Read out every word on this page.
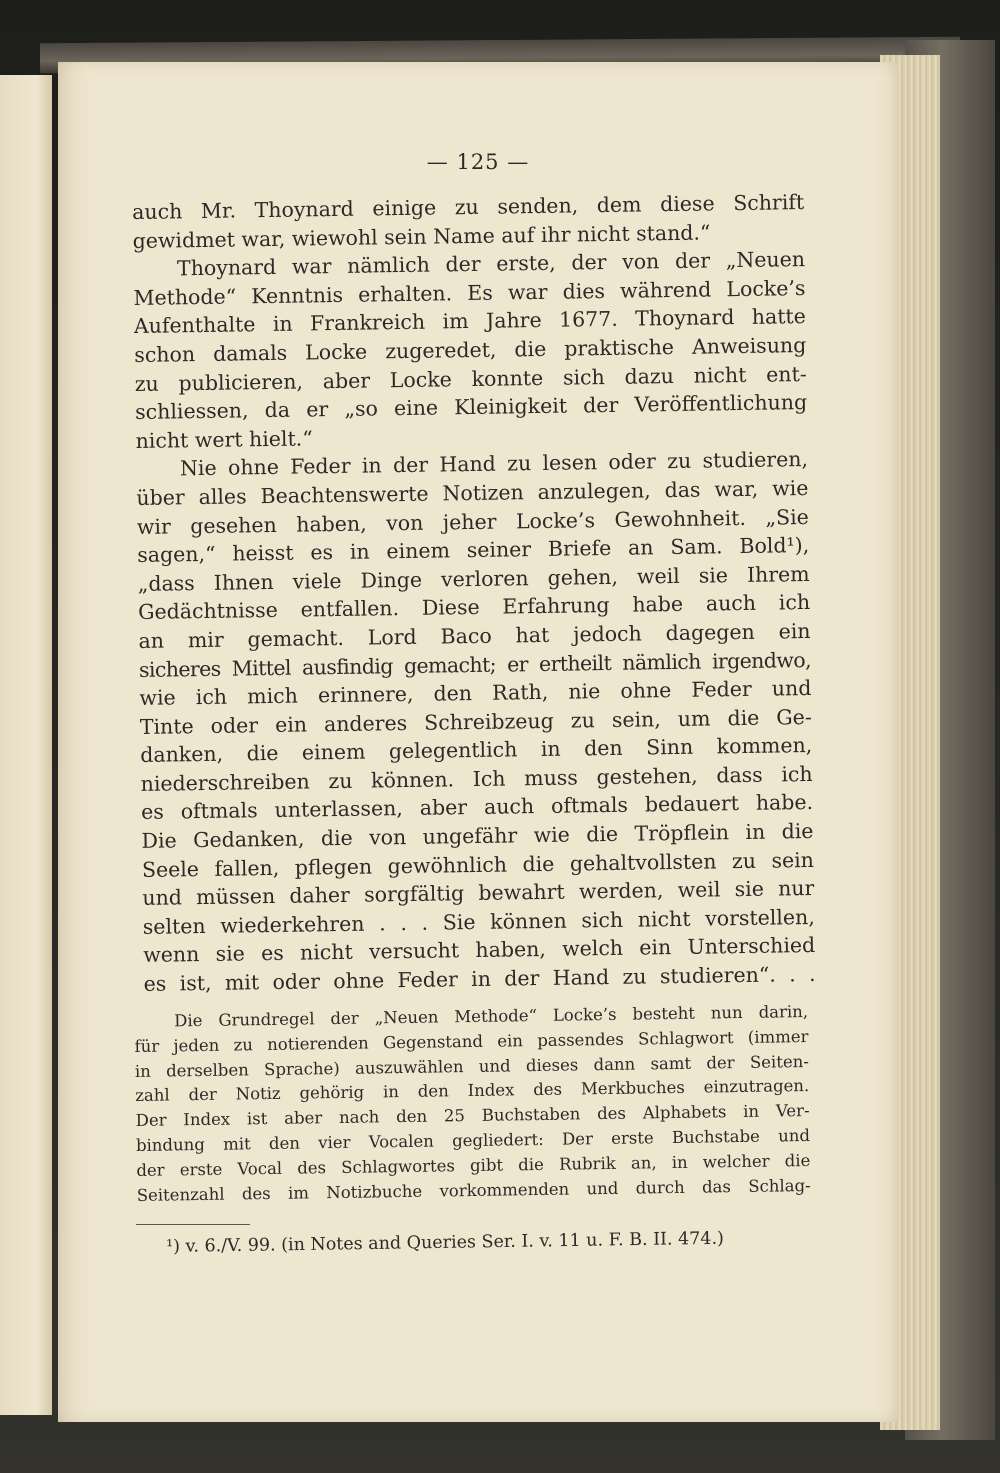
— 125 —
auch Mr. Thoynard einige zu senden, dem diese Schrift
gewidmet war, wiewohl sein Name auf ihr nicht stand.“
Thoynard war nämlich der erste, der von der „Neuen
Methode“ Kenntnis erhalten. Es war dies während Locke’s
Aufenthalte in Frankreich im Jahre 1677. Thoynard hatte
schon damals Locke zugeredet, die praktische Anweisung
zu publicieren, aber Locke konnte sich dazu nicht ent-
schliessen, da er „so eine Kleinigkeit der Veröffentlichung
nicht wert hielt.“
Nie ohne Feder in der Hand zu lesen oder zu studieren,
über alles Beachtenswerte Notizen anzulegen, das war, wie
wir gesehen haben, von jeher Locke’s Gewohnheit. „Sie
sagen,“ heisst es in einem seiner Briefe an Sam. Bold¹),
„dass Ihnen viele Dinge verloren gehen, weil sie Ihrem
Gedächtnisse entfallen. Diese Erfahrung habe auch ich
an mir gemacht. Lord Baco hat jedoch dagegen ein
sicheres Mittel ausfindig gemacht; er ertheilt nämlich irgendwo,
wie ich mich erinnere, den Rath, nie ohne Feder und
Tinte oder ein anderes Schreibzeug zu sein, um die Ge-
danken, die einem gelegentlich in den Sinn kommen,
niederschreiben zu können. Ich muss gestehen, dass ich
es oftmals unterlassen, aber auch oftmals bedauert habe.
Die Gedanken, die von ungefähr wie die Tröpflein in die
Seele fallen, pflegen gewöhnlich die gehaltvollsten zu sein
und müssen daher sorgfältig bewahrt werden, weil sie nur
selten wiederkehren . . . Sie können sich nicht vorstellen,
wenn sie es nicht versucht haben, welch ein Unterschied
es ist, mit oder ohne Feder in der Hand zu studieren“. . .
Die Grundregel der „Neuen Methode“ Locke’s besteht nun darin,
für jeden zu notierenden Gegenstand ein passendes Schlagwort (immer
in derselben Sprache) auszuwählen und dieses dann samt der Seiten-
zahl der Notiz gehörig in den Index des Merkbuches einzutragen.
Der Index ist aber nach den 25 Buchstaben des Alphabets in Ver-
bindung mit den vier Vocalen gegliedert: Der erste Buchstabe und
der erste Vocal des Schlagwortes gibt die Rubrik an, in welcher die
Seitenzahl des im Notizbuche vorkommenden und durch das Schlag-
¹) v. 6./V. 99. (in Notes and Queries Ser. I. v. 11 u. F. B. II. 474.)
